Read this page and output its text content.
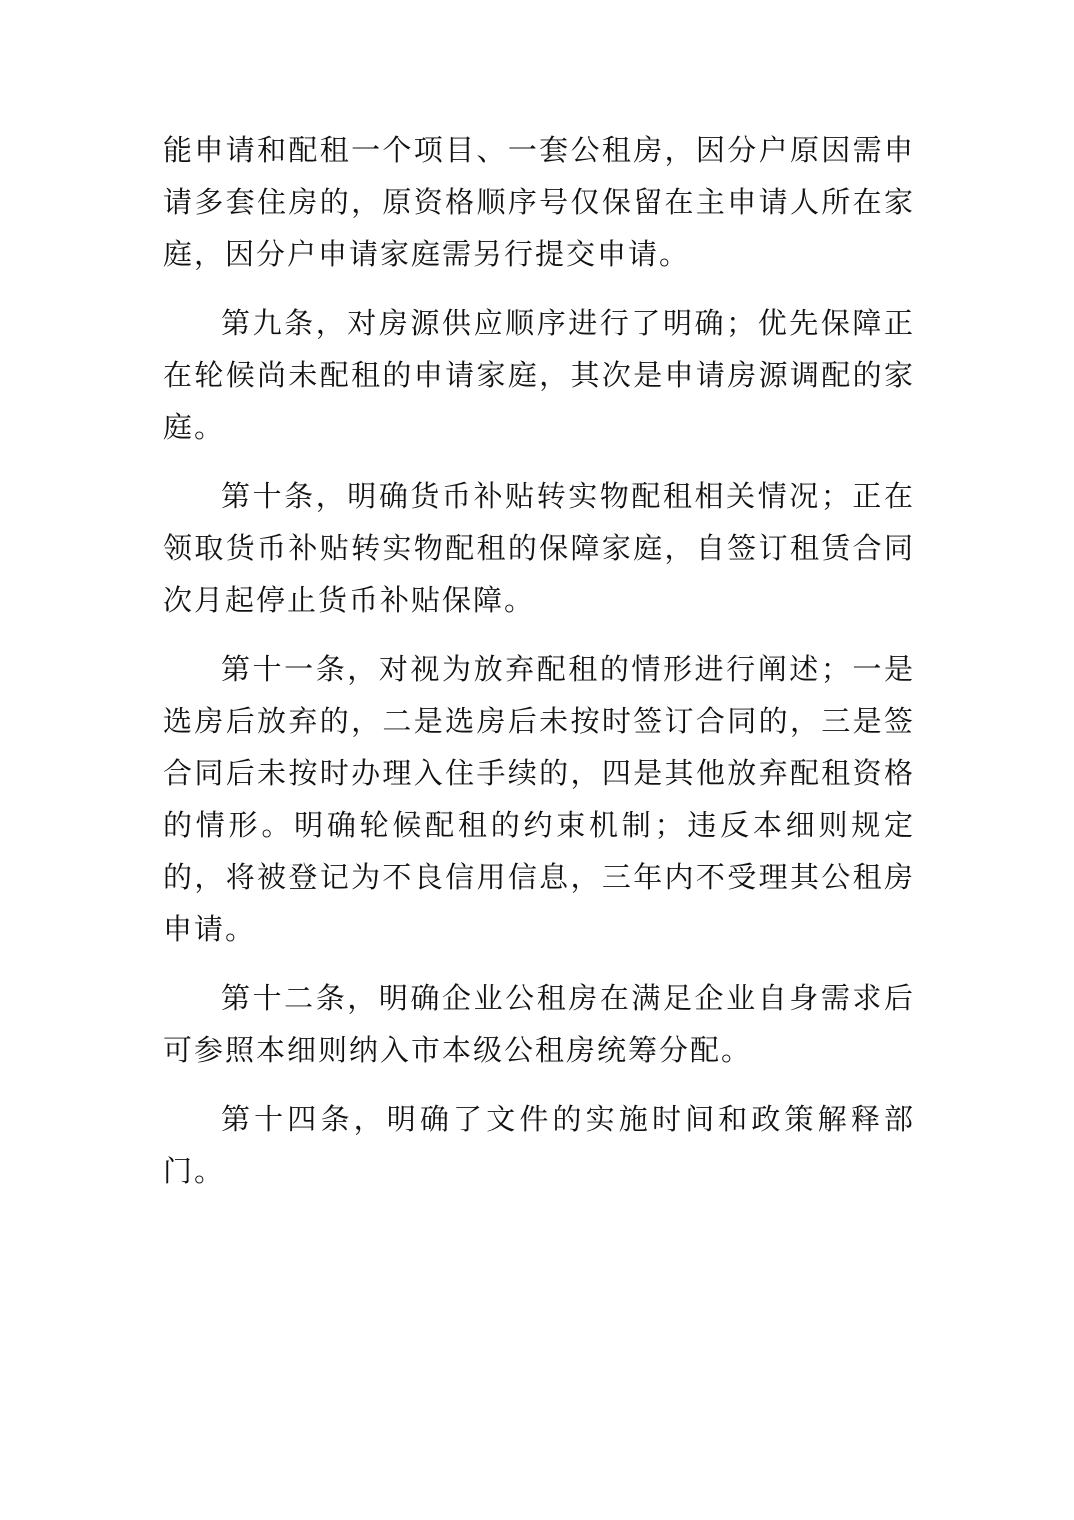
能申请和配租一个项目、一套公租房，因分户原因需申请多套住房的，原资格顺序号仅保留在主申请人所在家庭，因分户申请家庭需另行提交申请。

第九条，对房源供应顺序进行了明确；优先保障正在轮候尚未配租的申请家庭，其次是申请房源调配的家庭。

第十条，明确货币补贴转实物配租相关情况；正在领取货币补贴转实物配租的保障家庭，自签订租赁合同次月起停止货币补贴保障。

第十一条，对视为放弃配租的情形进行阐述；一是选房后放弃的，二是选房后未按时签订合同的，三是签合同后未按时办理入住手续的，四是其他放弃配租资格的情形。明确轮候配租的约束机制；违反本细则规定的，将被登记为不良信用信息，三年内不受理其公租房申请。

第十二条，明确企业公租房在满足企业自身需求后可参照本细则纳入市本级公租房统筹分配。

第十四条，明确了文件的实施时间和政策解释部门。
